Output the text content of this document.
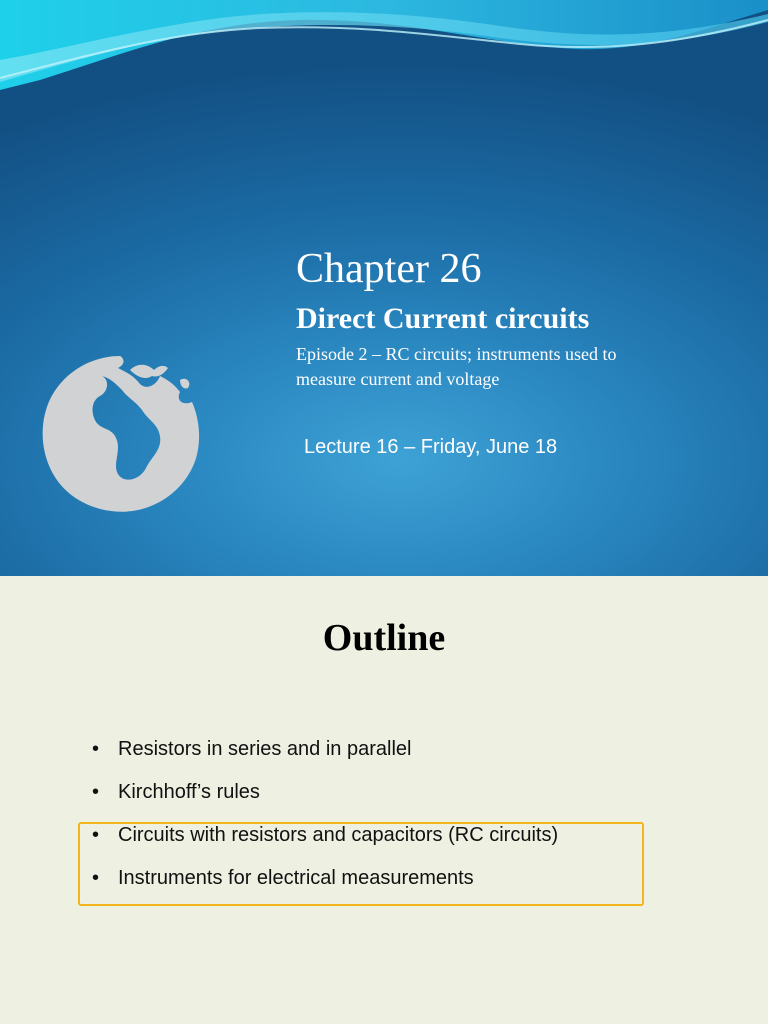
Chapter 26
Direct Current circuits

Episode 2 – RC circuits; instruments used to
measure current and voltage

Lecture 16 – Friday, June 18

Outline
• Resistors in series and in parallel
• Kirchhoff’s rules
• Circuits with resistors and capacitors (RC circuits)
• Instruments for electrical measurements
